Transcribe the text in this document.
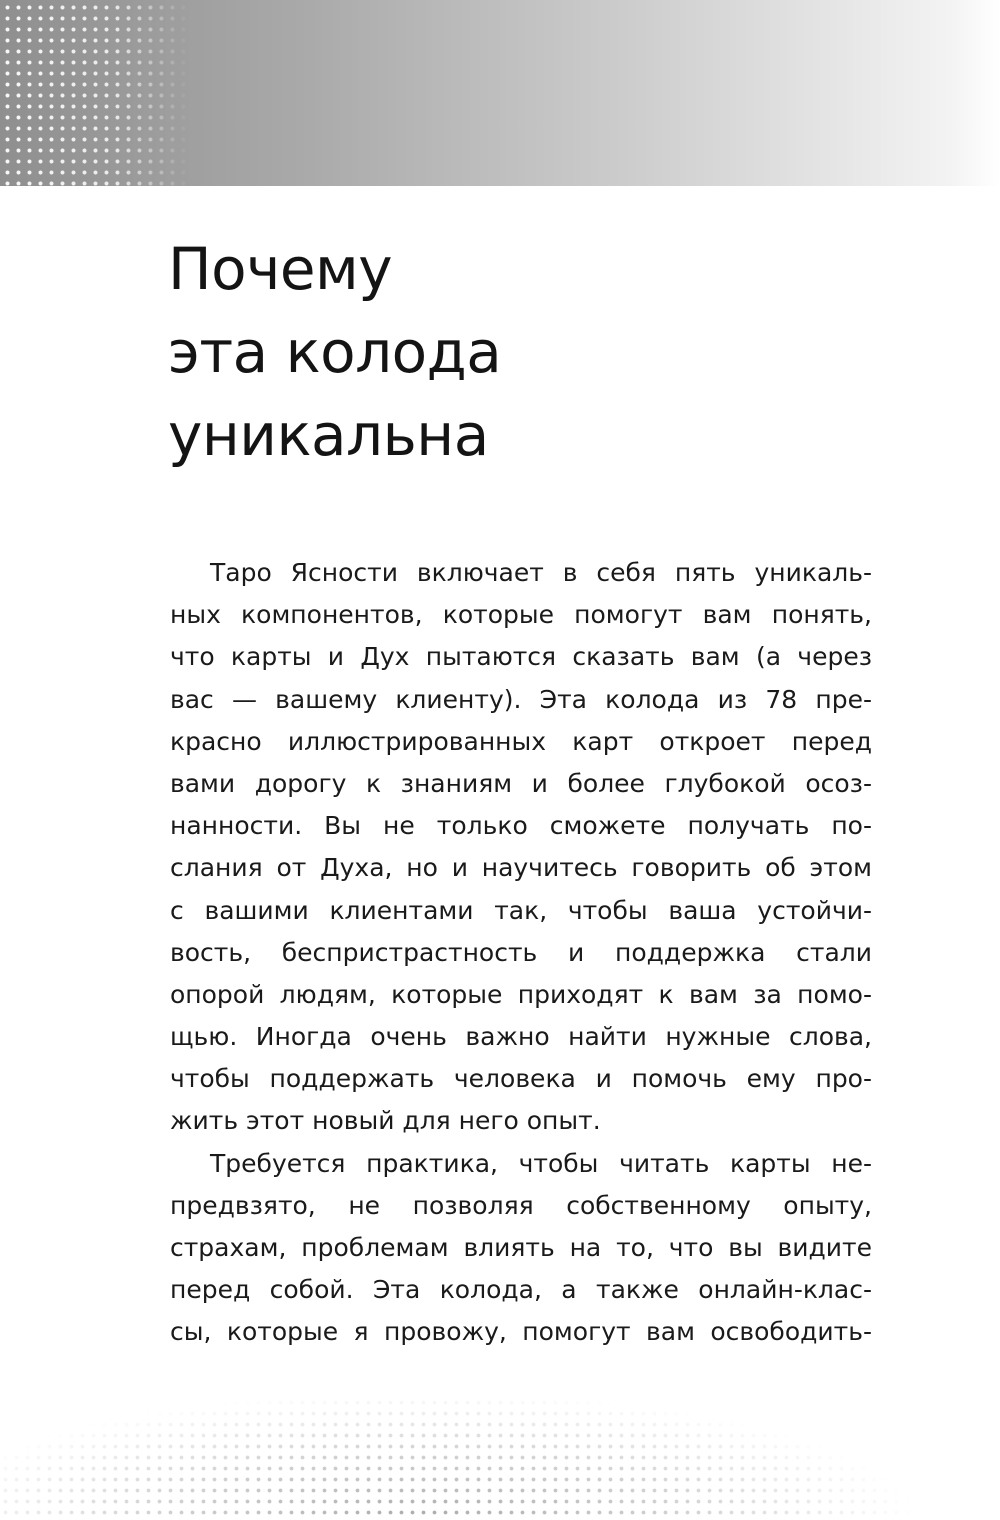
Почему
эта колода
уникальна

Таро Ясности включает в себя пять уникаль-
ных компонентов, которые помогут вам понять,
что карты и Дух пытаются сказать вам (а через
вас — вашему клиенту). Эта колода из 78 пре-
красно иллюстрированных карт откроет перед
вами дорогу к знаниям и более глубокой осоз-
нанности. Вы не только сможете получать по-
слания от Духа, но и научитесь говорить об этом
с вашими клиентами так, чтобы ваша устойчи-
вость, беспристрастность и поддержка стали
опорой людям, которые приходят к вам за помо-
щью. Иногда очень важно найти нужные слова,
чтобы поддержать человека и помочь ему про-
жить этот новый для него опыт.

Требуется практика, чтобы читать карты не-
предвзято, не позволяя собственному опыту,
страхам, проблемам влиять на то, что вы видите
перед собой. Эта колода, а также онлайн-клас-
сы, которые я провожу, помогут вам освободить-
